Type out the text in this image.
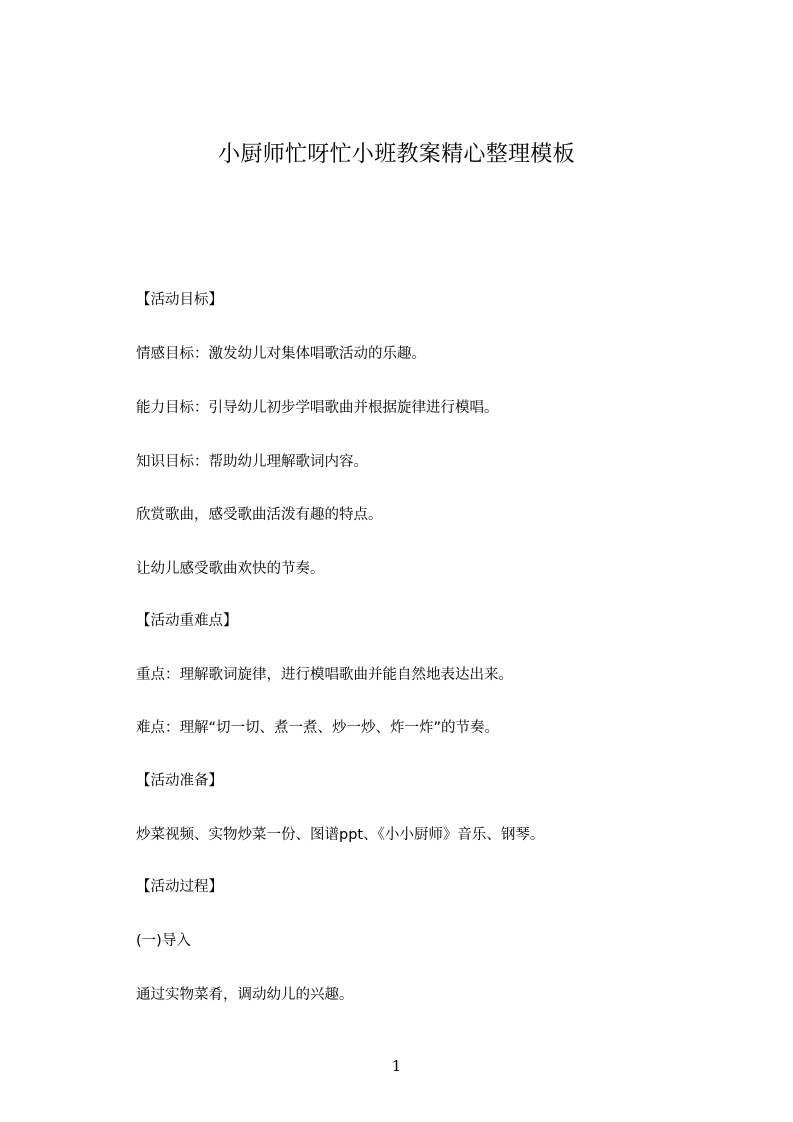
小厨师忙呀忙小班教案精心整理模板
【活动目标】
情感目标：激发幼儿对集体唱歌活动的乐趣。
能力目标：引导幼儿初步学唱歌曲并根据旋律进行模唱。
知识目标：帮助幼儿理解歌词内容。
欣赏歌曲，感受歌曲活泼有趣的特点。
让幼儿感受歌曲欢快的节奏。
【活动重难点】
重点：理解歌词旋律，进行模唱歌曲并能自然地表达出来。
难点：理解“切一切、煮一煮、炒一炒、炸一炸”的节奏。
【活动准备】
炒菜视频、实物炒菜一份、图谱ppt、《小小厨师》音乐、钢琴。
【活动过程】
(一)导入
通过实物菜肴，调动幼儿的兴趣。
1
